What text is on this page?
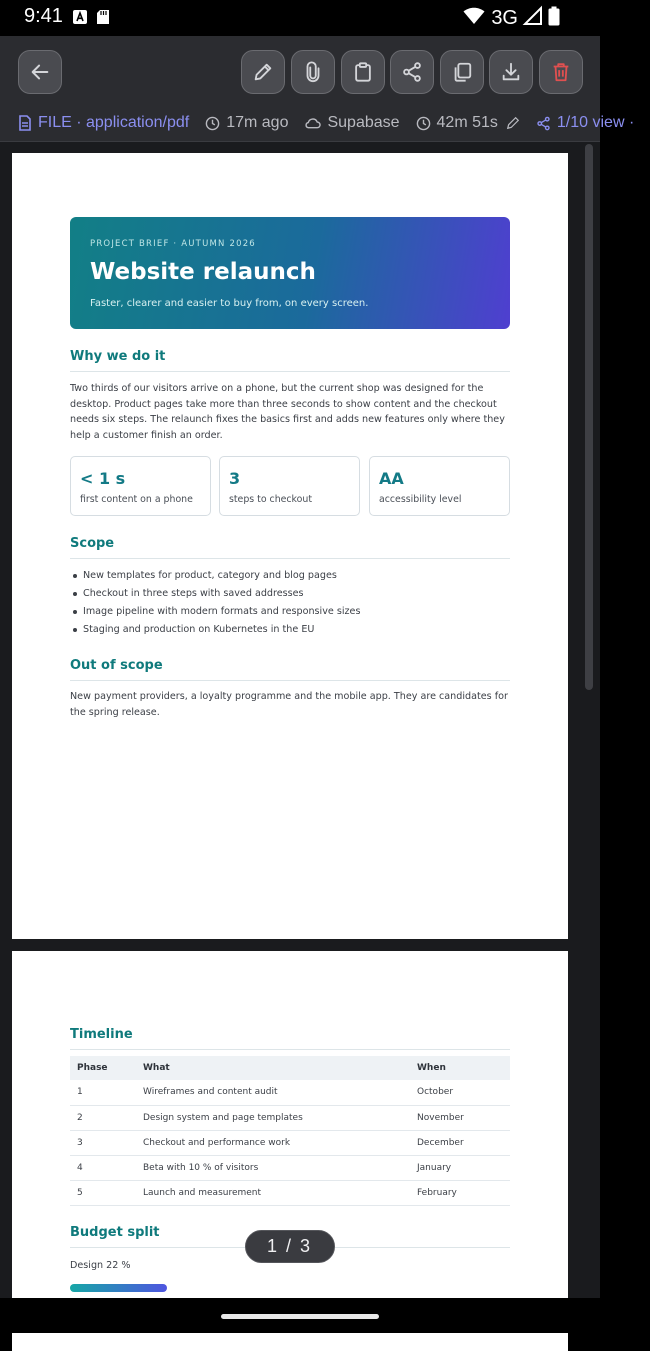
9:41	3G
FILE · application/pdf 17m ago Supabase 42m 51s	1/10 view ·
PROJECT BRIEF · AUTUMN 2026
Website relaunch
Faster, clearer and easier to buy from, on every screen.
Why we do it
Two thirds of our visitors arrive on a phone, but the current shop was designed for the desktop. Product pages take more than three seconds to show content and the checkout needs six steps. The relaunch fixes the basics first and adds new features only where they help a customer finish an order.
< 1 s
first content on a phone
3
steps to checkout
AA
accessibility level
Scope
New templates for product, category and blog pages
Checkout in three steps with saved addresses
Image pipeline with modern formats and responsive sizes
Staging and production on Kubernetes in the EU
Out of scope
New payment providers, a loyalty programme and the mobile app. They are candidates for the spring release.
Timeline
Phase	What	When
1	Wireframes and content audit	October
2	Design system and page templates	November
3	Checkout and performance work	December
4	Beta with 10 % of visitors	January
5	Launch and measurement	February
Budget split
Design 22 %
1 / 3
